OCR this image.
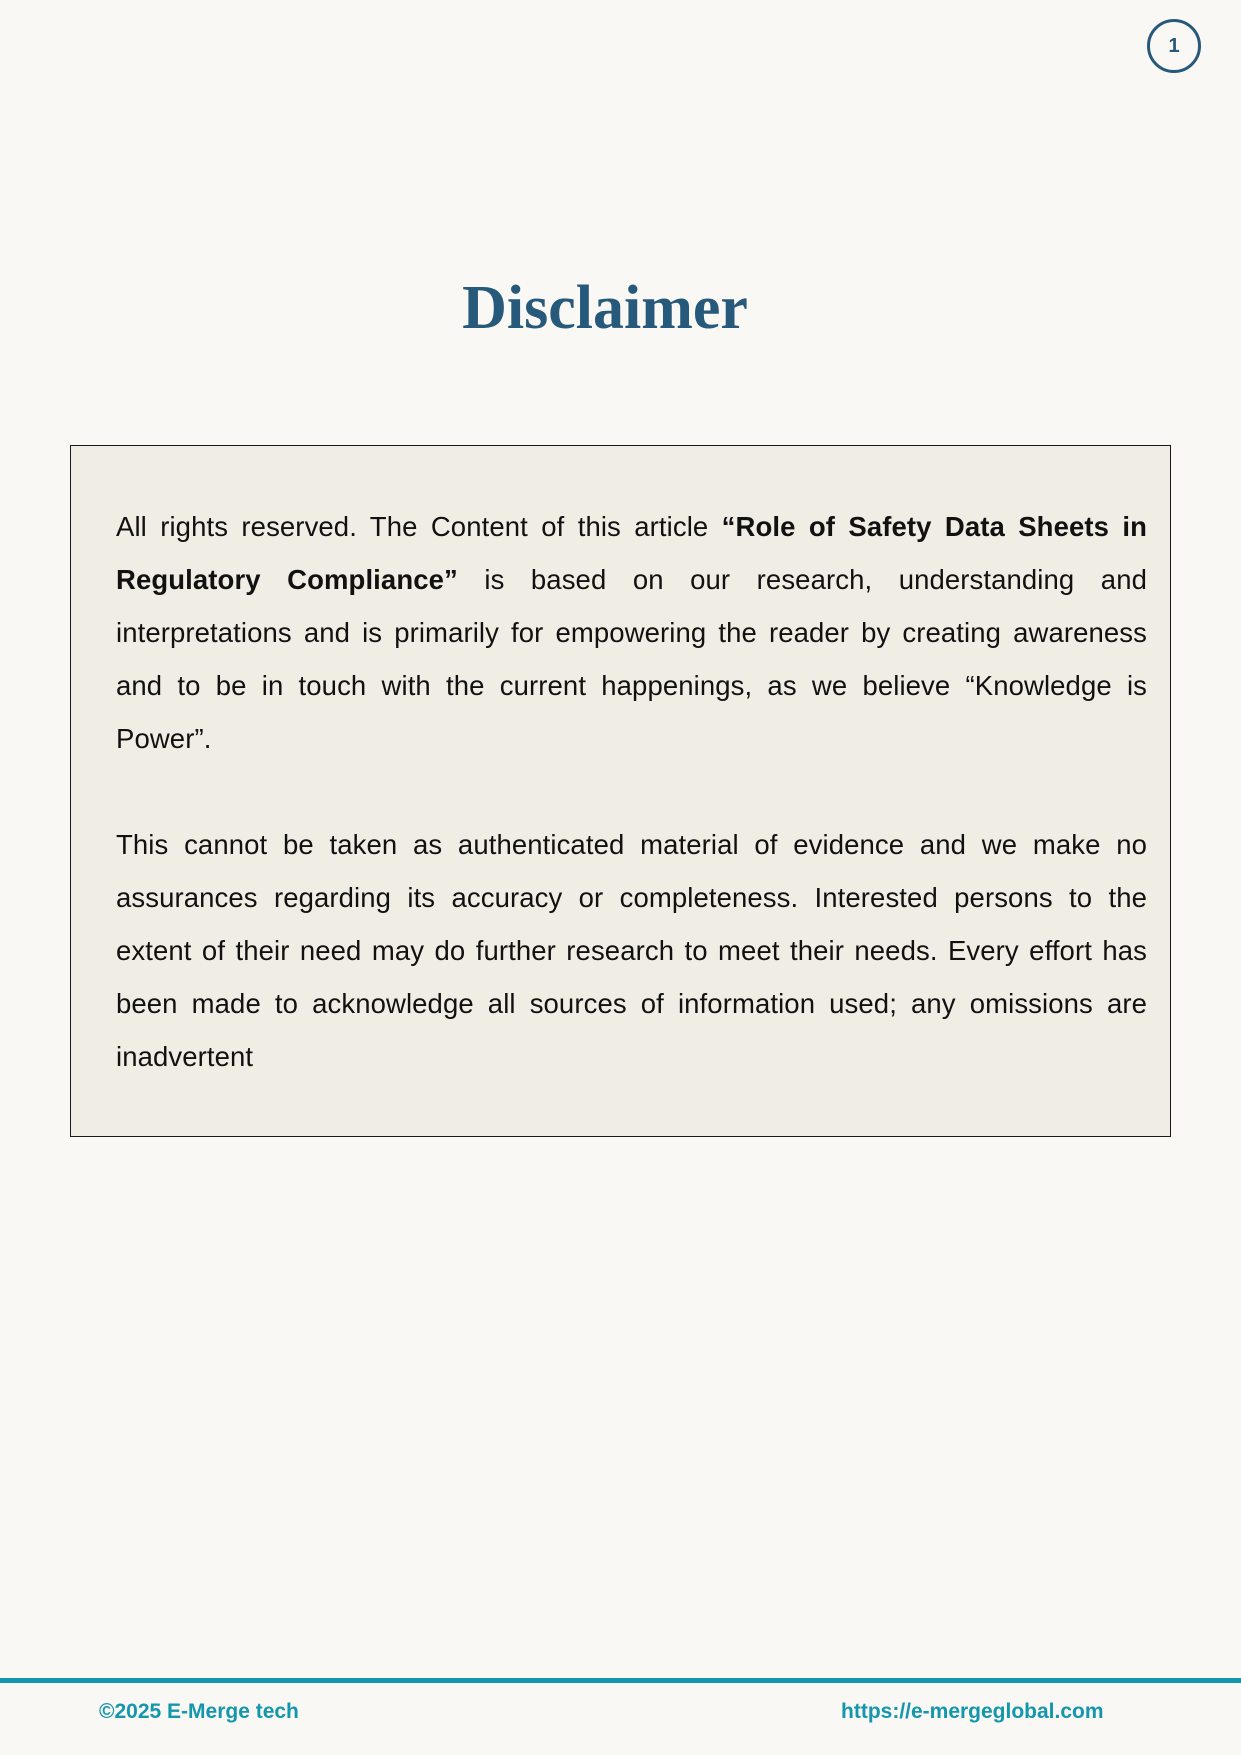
1
Disclaimer

All rights reserved. The Content of this article “Role of Safety Data Sheets in Regulatory Compliance” is based on our research, understanding and interpretations and is primarily for empowering the reader by creating awareness and to be in touch with the current happenings, as we believe “Knowledge is Power”.

This cannot be taken as authenticated material of evidence and we make no assurances regarding its accuracy or completeness. Interested persons to the extent of their need may do further research to meet their needs. Every effort has been made to acknowledge all sources of information used; any omissions are inadvertent

©2025 E-Merge tech	https://e-mergeglobal.com
